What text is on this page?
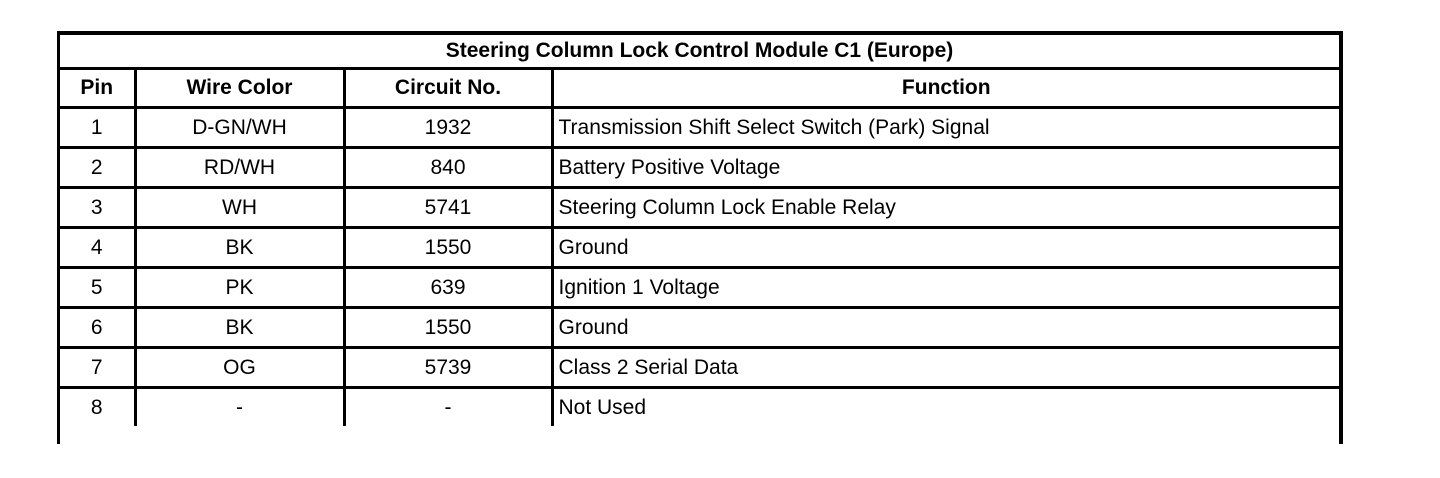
Steering Column Lock Control Module C1 (Europe)			
Pin	Wire Color	Circuit No.	Function
1	D-GN/WH	1932	Transmission Shift Select Switch (Park) Signal
2	RD/WH	840	Battery Positive Voltage
3	WH	5741	Steering Column Lock Enable Relay
4	BK	1550	Ground
5	PK	639	Ignition 1 Voltage
6	BK	1550	Ground
7	OG	5739	Class 2 Serial Data
8	-	-	Not Used
